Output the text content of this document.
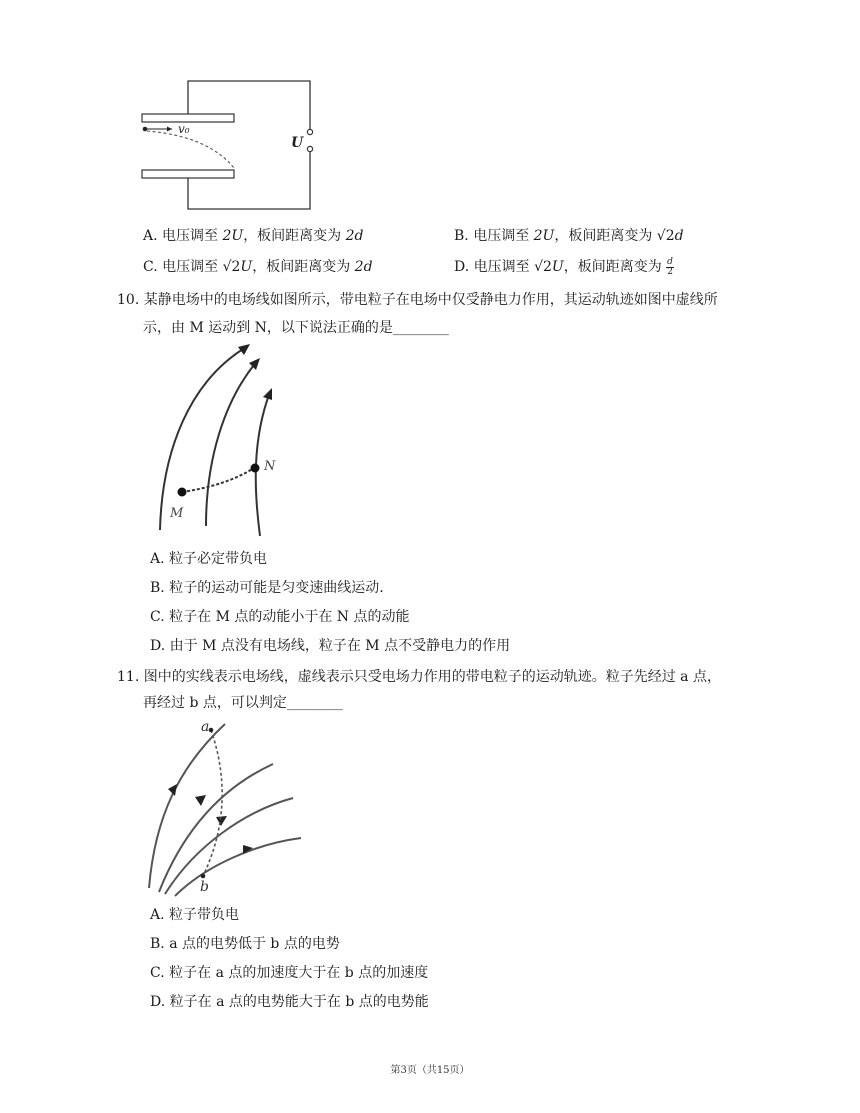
v₀
U
A. 电压调至 2U，板间距离变为 2d	B. 电压调至 2U，板间距离变为 √2d
C. 电压调至 √2U，板间距离变为 2d	D. 电压调至 √2U，板间距离变为 $\frac{d}{2}$
10. 某静电场中的电场线如图所示，带电粒子在电场中仅受静电力作用，其运动轨迹如图中虚线所
示，由 M 运动到 N，以下说法正确的是________
M
N
A. 粒子必定带负电
B. 粒子的运动可能是匀变速曲线运动.
C. 粒子在 M 点的动能小于在 N 点的动能
D. 由于 M 点没有电场线，粒子在 M 点不受静电力的作用
11. 图中的实线表示电场线，虚线表示只受电场力作用的带电粒子的运动轨迹。粒子先经过 a 点，
再经过 b 点，可以判定________
a
b
A. 粒子带负电
B. a 点的电势低于 b 点的电势
C. 粒子在 a 点的加速度大于在 b 点的加速度
D. 粒子在 a 点的电势能大于在 b 点的电势能
第3页（共15页）
